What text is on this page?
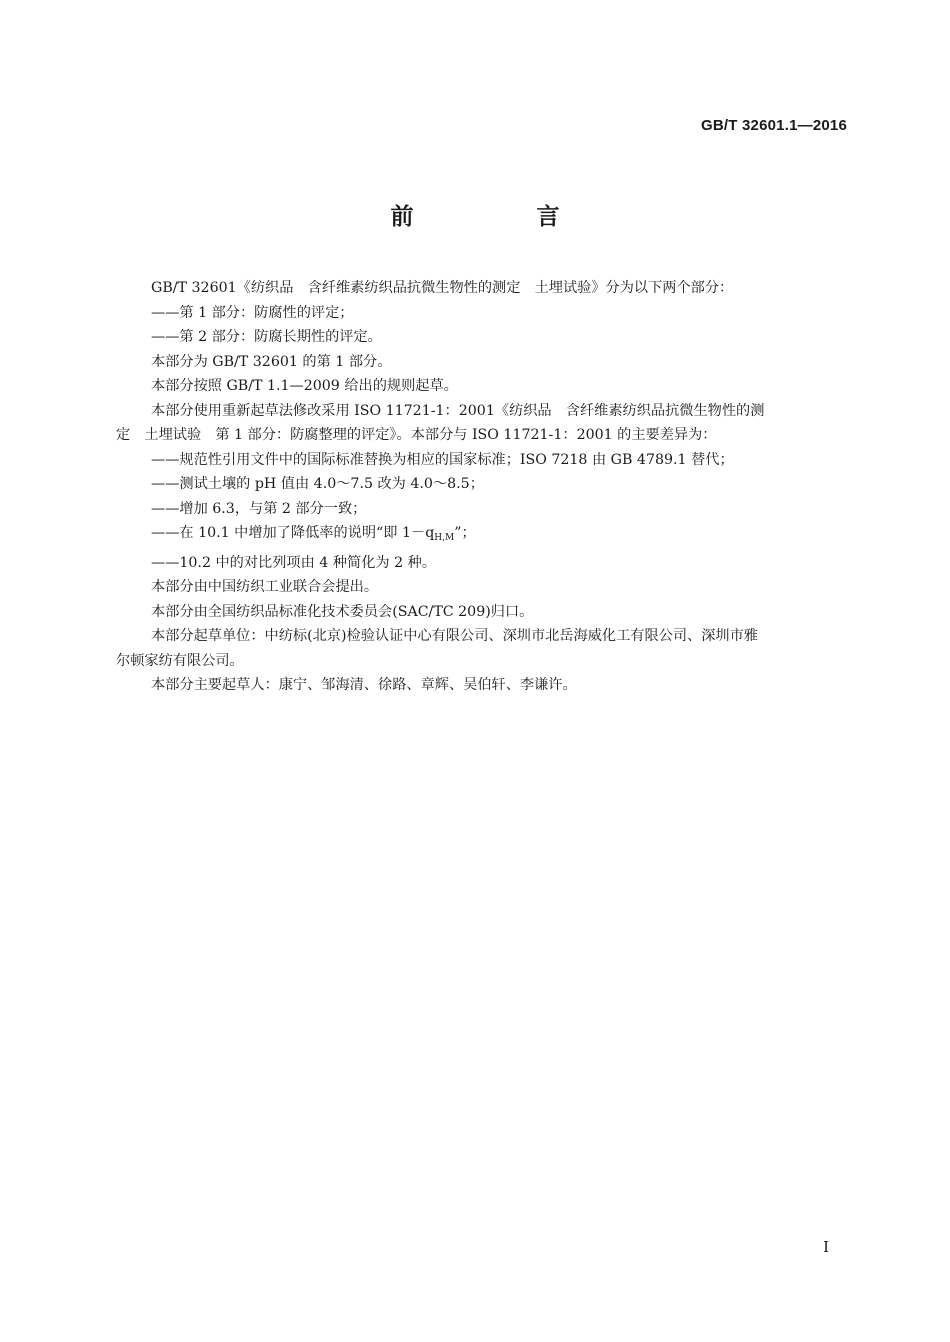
GB/T 32601.1—2016
前　言

GB/T 32601《纺织品　含纤维素纺织品抗微生物性的测定　土埋试验》分为以下两个部分：

——第 1 部分：防腐性的评定；

——第 2 部分：防腐长期性的评定。

本部分为 GB/T 32601 的第 1 部分。

本部分按照 GB/T 1.1—2009 给出的规则起草。

本部分使用重新起草法修改采用 ISO 11721-1：2001《纺织品　含纤维素纺织品抗微生物性的测

定　土埋试验　第 1 部分：防腐整理的评定》。本部分与 ISO 11721-1：2001 的主要差异为：

——规范性引用文件中的国际标准替换为相应的国家标准；ISO 7218 由 GB 4789.1 替代；

——测试土壤的 pH 值由 4.0～7.5 改为 4.0～8.5；

——增加 6.3，与第 2 部分一致；

——在 10.1 中增加了降低率的说明“即 $1-q_{H,M}$”；

——10.2 中的对比列项由 4 种简化为 2 种。

本部分由中国纺织工业联合会提出。

本部分由全国纺织品标准化技术委员会(SAC/TC 209)归口。

本部分起草单位：中纺标(北京)检验认证中心有限公司、深圳市北岳海威化工有限公司、深圳市雅

尔顿家纺有限公司。

本部分主要起草人：康宁、邹海清、徐路、章辉、吴伯轩、李谦许。

I
